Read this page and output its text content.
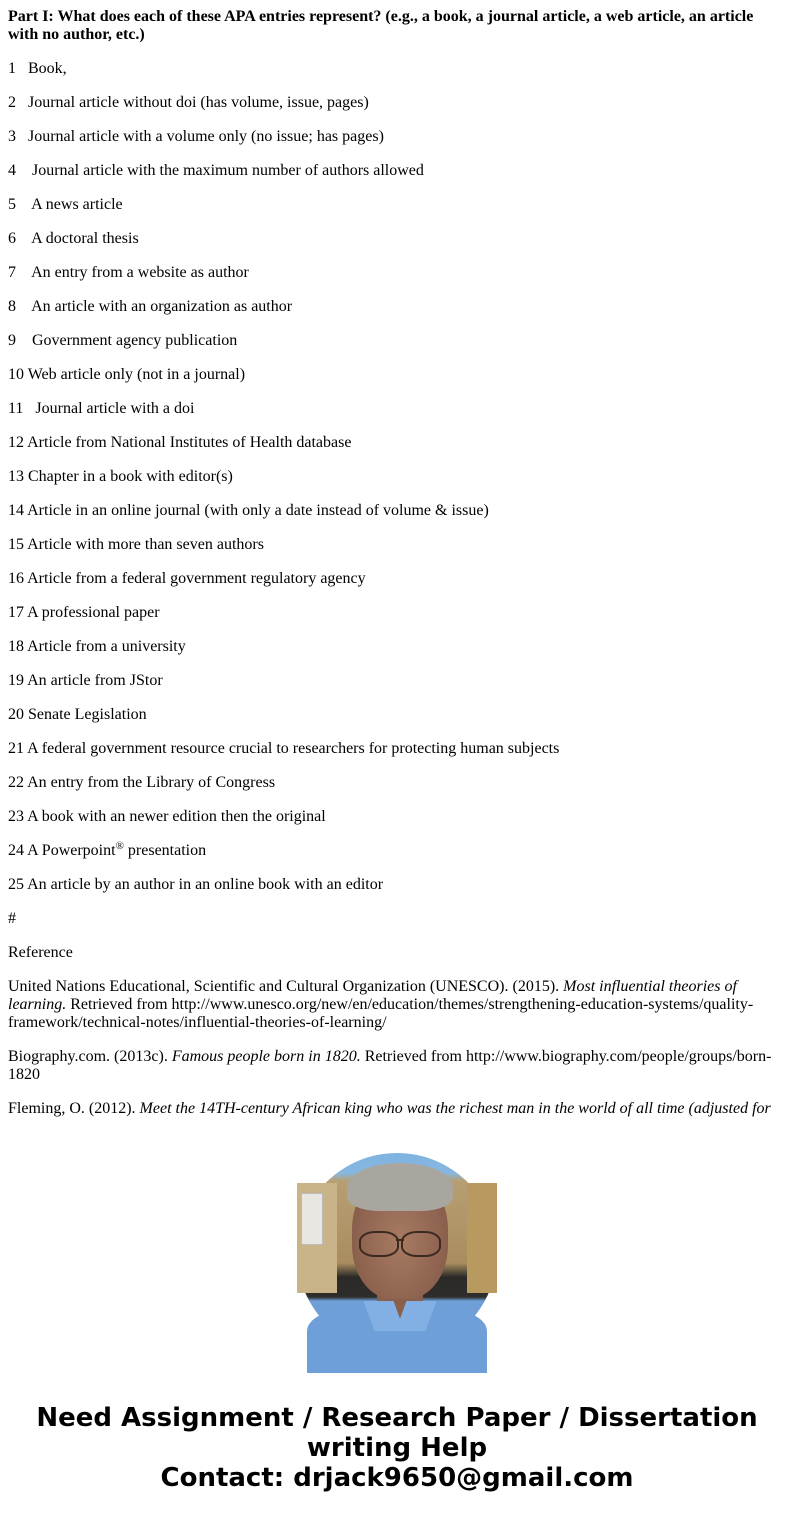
Part I: What does each of these APA entries represent? (e.g., a book, a journal article, a web article, an article with no author, etc.)

1 Book,

2 Journal article without doi (has volume, issue, pages)

3 Journal article with a volume only (no issue; has pages)

4 Journal article with the maximum number of authors allowed

5 A news article

6 A doctoral thesis

7 An entry from a website as author

8 An article with an organization as author

9 Government agency publication

10 Web article only (not in a journal)

11 Journal article with a doi

12 Article from National Institutes of Health database

13 Chapter in a book with editor(s)

14 Article in an online journal (with only a date instead of volume & issue)

15 Article with more than seven authors

16 Article from a federal government regulatory agency

17 A professional paper

18 Article from a university

19 An article from JStor

20 Senate Legislation

21 A federal government resource crucial to researchers for protecting human subjects

22 An entry from the Library of Congress

23 A book with an newer edition then the original

24 A Powerpoint® presentation

25 An article by an author in an online book with an editor

#

Reference

United Nations Educational, Scientific and Cultural Organization (UNESCO). (2015). Most influential theories of learning. Retrieved from http://www.unesco.org/new/en/education/themes/strengthening-education-systems/quality-framework/technical-notes/influential-theories-of-learning/

Biography.com. (2013c). Famous people born in 1820. Retrieved from http://www.biography.com/people/groups/born-1820

Fleming, O. (2012). Meet the 14TH-century African king who was the richest man in the world of all time (adjusted for

Need Assignment / Research Paper / Dissertation
writing Help
Contact: drjack9650@gmail.com
